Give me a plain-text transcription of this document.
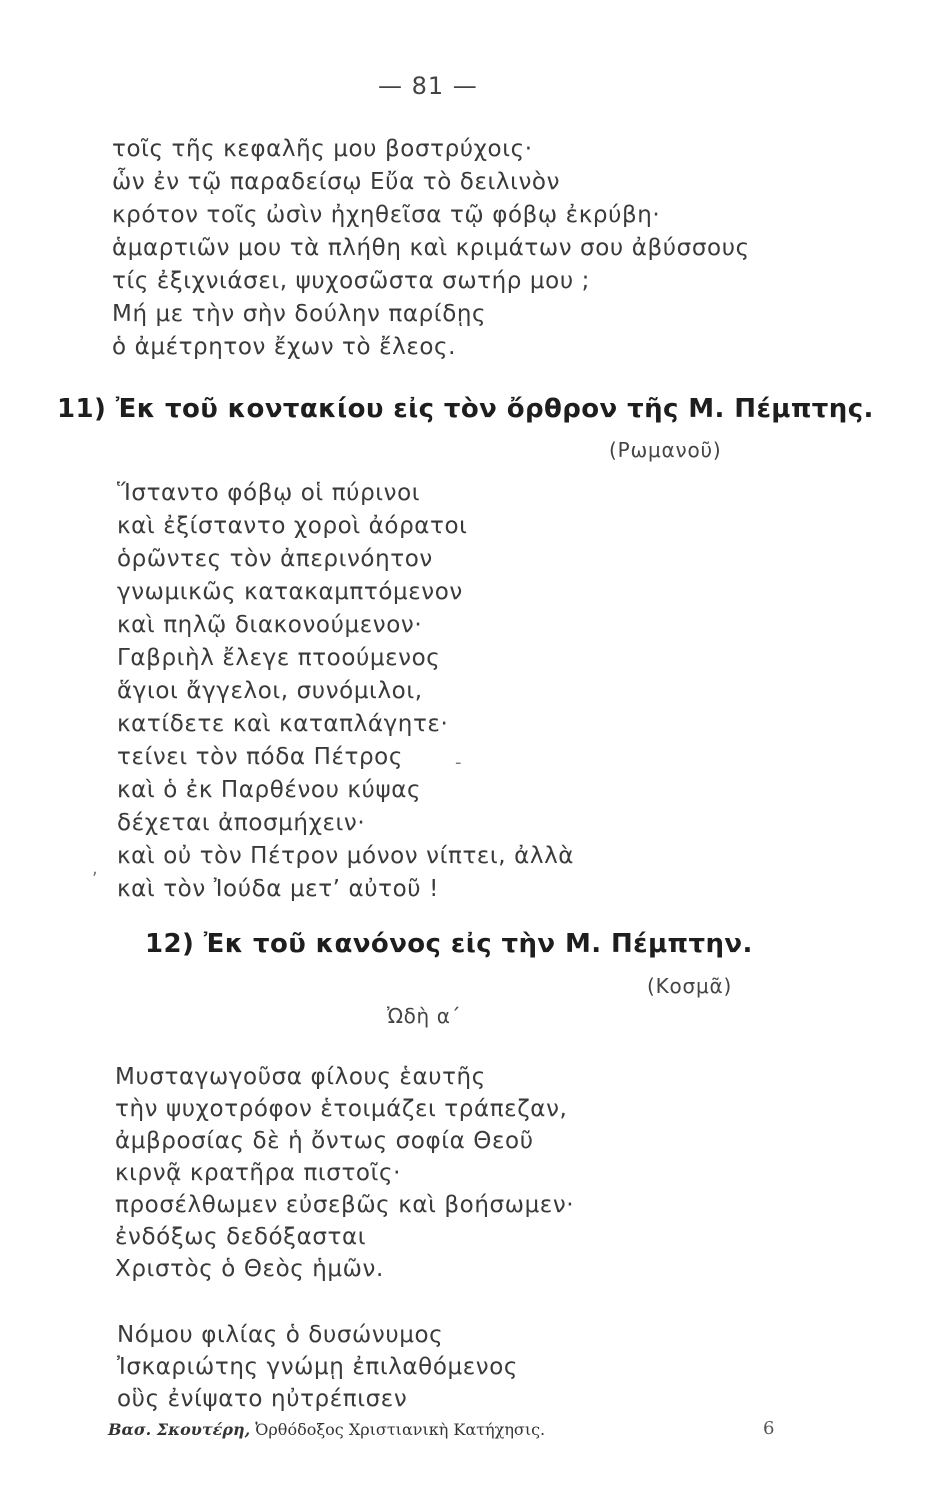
— 81 —
τοῖς τῆς κεφαλῆς μου βοστρύχοις·
ὧν ἐν τῷ παραδείσῳ Εὔα τὸ δειλινὸν
κρότον τοῖς ὠσὶν ἠχηθεῖσα τῷ φόβῳ ἐκρύβη·
ἁμαρτιῶν μου τὰ πλήθη καὶ κριμάτων σου ἀβύσσους
τίς ἐξιχνιάσει, ψυχοσῶστα σωτήρ μου ;
Μή με τὴν σὴν δούλην παρίδῃς
ὁ ἀμέτρητον ἔχων τὸ ἔλεος.
11) Ἐκ τοῦ κοντακίου εἰς τὸν ὄρθρον τῆς Μ. Πέμπτης.
(Ρωμανοῦ)
Ἵσταντο φόβῳ οἱ πύρινοι
καὶ ἐξίσταντο χοροὶ ἀόρατοι
ὁρῶντες τὸν ἀπερινόητον
γνωμικῶς κατακαμπτόμενον
καὶ πηλῷ διακονούμενον·
Γαβριὴλ ἔλεγε πτοούμενος
ἅγιοι ἄγγελοι, συνόμιλοι,
κατίδετε καὶ καταπλάγητε·
τείνει τὸν πόδα Πέτρος
καὶ ὁ ἐκ Παρθένου κύψας
δέχεται ἀποσμήχειν·
καὶ οὐ τὸν Πέτρον μόνον νίπτει, ἀλλὰ
καὶ τὸν Ἰούδα μετ’ αὐτοῦ !
12) Ἐκ τοῦ κανόνος εἰς τὴν Μ. Πέμπτην.
(Κοσμᾶ)
Ὠδὴ α΄
Μυσταγωγοῦσα φίλους ἑαυτῆς
τὴν ψυχοτρόφον ἑτοιμάζει τράπεζαν,
ἀμβροσίας δὲ ἡ ὄντως σοφία Θεοῦ
κιρνᾷ κρατῆρα πιστοῖς·
προσέλθωμεν εὐσεβῶς καὶ βοήσωμεν·
ἐνδόξως δεδόξασται
Χριστὸς ὁ Θεὸς ἡμῶν.
Νόμου φιλίας ὁ δυσώνυμος
Ἰσκαριώτης γνώμῃ ἐπιλαθόμενος
οὓς ἐνίψατο ηὐτρέπισεν
Βασ. Σκουτέρη, Ὀρθόδοξος Χριστιανικὴ Κατήχησις.	6
-
,
